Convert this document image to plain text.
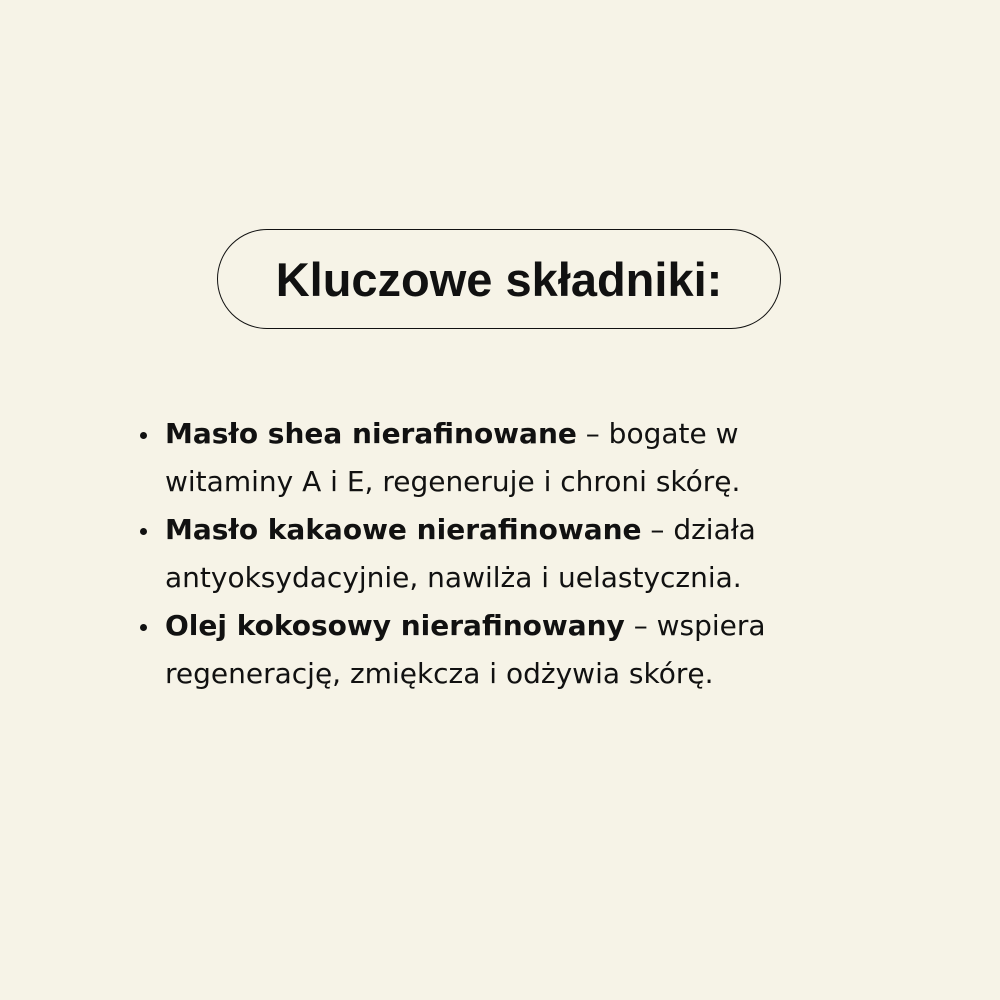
Kluczowe składniki:
Masło shea nierafinowane – bogate w
witaminy A i E, regeneruje i chroni skórę.
Masło kakaowe nierafinowane – działa
antyoksydacyjnie, nawilża i uelastycznia.
Olej kokosowy nierafinowany – wspiera
regenerację, zmiękcza i odżywia skórę.
